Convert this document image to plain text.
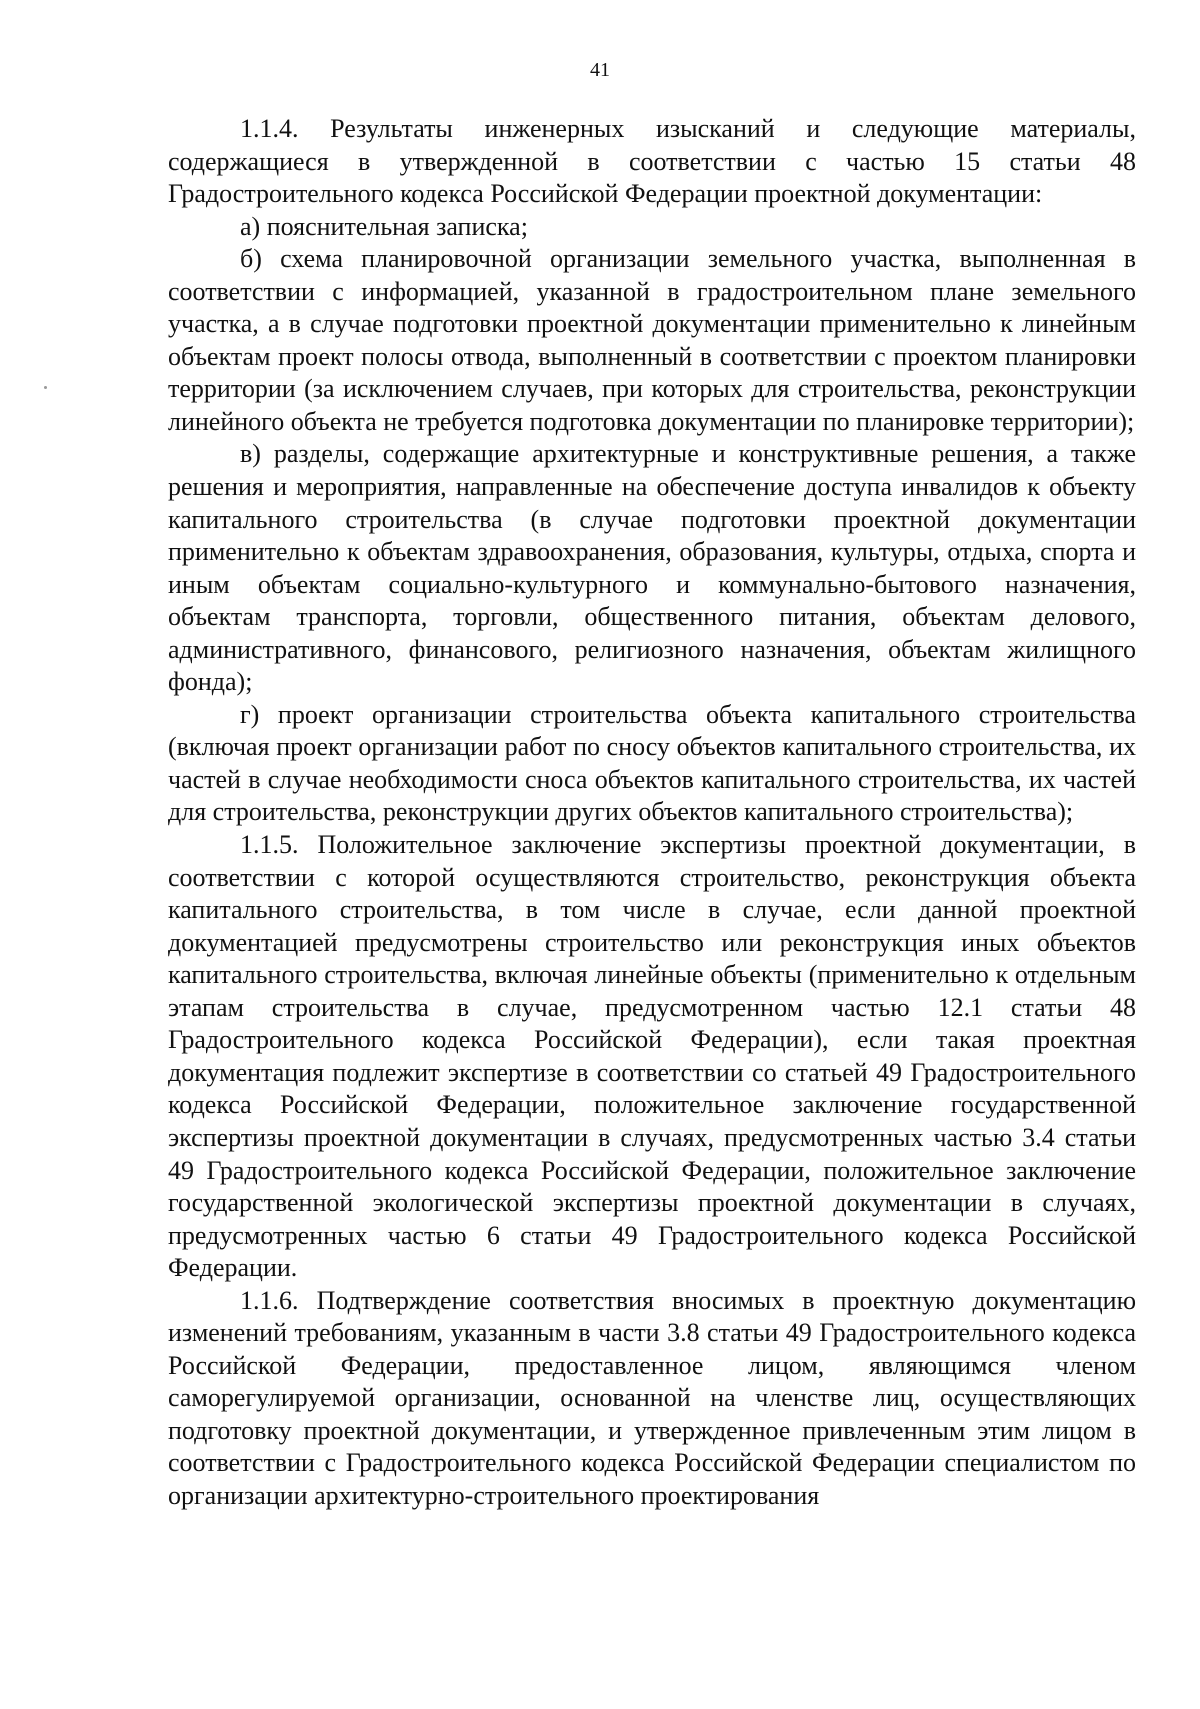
41

1.1.4. Результаты инженерных изысканий и следующие материалы, содержащиеся в утвержденной в соответствии с частью 15 статьи 48 Градостроительного кодекса Российской Федерации проектной документации:

а) пояснительная записка;

б) схема планировочной организации земельного участка, выполненная в соответствии с информацией, указанной в градостроительном плане земельного участка, а в случае подготовки проектной документации применительно к линейным объектам проект полосы отвода, выполненный в соответствии с проектом планировки территории (за исключением случаев, при которых для строительства, реконструкции линейного объекта не требуется подготовка документации по планировке территории);

в) разделы, содержащие архитектурные и конструктивные решения, а также решения и мероприятия, направленные на обеспечение доступа инвалидов к объекту капитального строительства (в случае подготовки проектной документации применительно к объектам здравоохранения, образования, культуры, отдыха, спорта и иным объектам социально-культурного и коммунально-бытового назначения, объектам транспорта, торговли, общественного питания, объектам делового, административного, финансового, религиозного назначения, объектам жилищного фонда);

г) проект организации строительства объекта капитального строительства (включая проект организации работ по сносу объектов капитального строительства, их частей в случае необходимости сноса объектов капитального строительства, их частей для строительства, реконструкции других объектов капитального строительства);

1.1.5. Положительное заключение экспертизы проектной документации, в соответствии с которой осуществляются строительство, реконструкция объекта капитального строительства, в том числе в случае, если данной проектной документацией предусмотрены строительство или реконструкция иных объектов капитального строительства, включая линейные объекты (применительно к отдельным этапам строительства в случае, предусмотренном частью 12.1 статьи 48 Градостроительного кодекса Российской Федерации), если такая проектная документация подлежит экспертизе в соответствии со статьей 49 Градостроительного кодекса Российской Федерации, положительное заключение государственной экспертизы проектной документации в случаях, предусмотренных частью 3.4 статьи 49 Градостроительного кодекса Российской Федерации, положительное заключение государственной экологической экспертизы проектной документации в случаях, предусмотренных частью 6 статьи 49 Градостроительного кодекса Российской Федерации.

1.1.6. Подтверждение соответствия вносимых в проектную документацию изменений требованиям, указанным в части 3.8 статьи 49 Градостроительного кодекса Российской Федерации, предоставленное лицом, являющимся членом саморегулируемой организации, основанной на членстве лиц, осуществляющих подготовку проектной документации, и утвержденное привлеченным этим лицом в соответствии с Градостроительного кодекса Российской Федерации специалистом по организации архитектурно-строительного проектирования
